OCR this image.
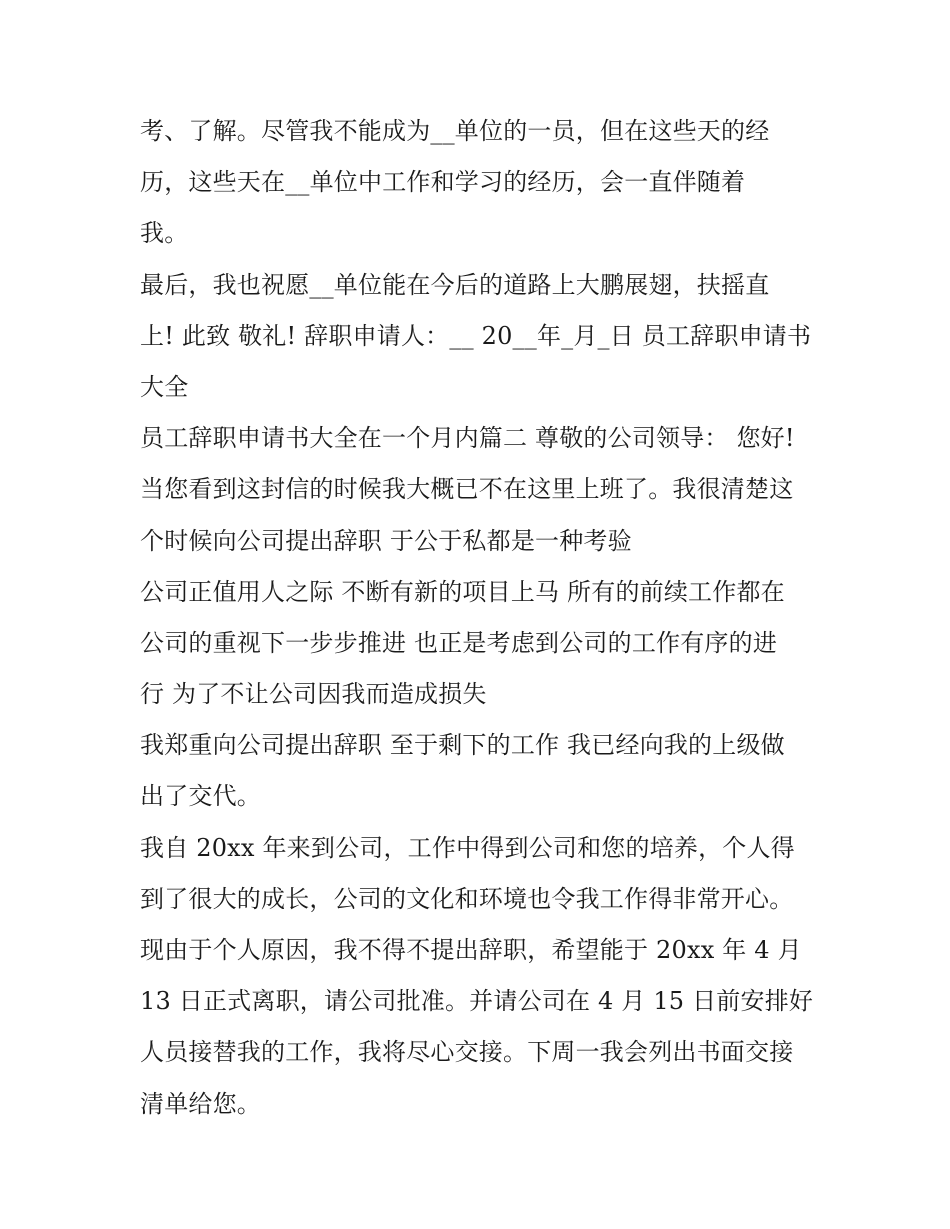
考、了解。尽管我不能成为__单位的一员，但在这些天的经
历，这些天在__单位中工作和学习的经历，会一直伴随着
我。
最后，我也祝愿__单位能在今后的道路上大鹏展翅，扶摇直
上! 此致 敬礼! 辞职申请人：__ 20__年_月_日 员工辞职申请书
大全
员工辞职申请书大全在一个月内篇二 尊敬的公司领导： 您好!
当您看到这封信的时候我大概已不在这里上班了。我很清楚这
个时候向公司提出辞职 于公于私都是一种考验
公司正值用人之际 不断有新的项目上马 所有的前续工作都在
公司的重视下一步步推进 也正是考虑到公司的工作有序的进
行 为了不让公司因我而造成损失
我郑重向公司提出辞职 至于剩下的工作 我已经向我的上级做
出了交代。
我自 20xx 年来到公司，工作中得到公司和您的培养，个人得
到了很大的成长，公司的文化和环境也令我工作得非常开心。
现由于个人原因，我不得不提出辞职，希望能于 20xx 年 4 月
13 日正式离职，请公司批准。并请公司在 4 月 15 日前安排好
人员接替我的工作，我将尽心交接。下周一我会列出书面交接
清单给您。
